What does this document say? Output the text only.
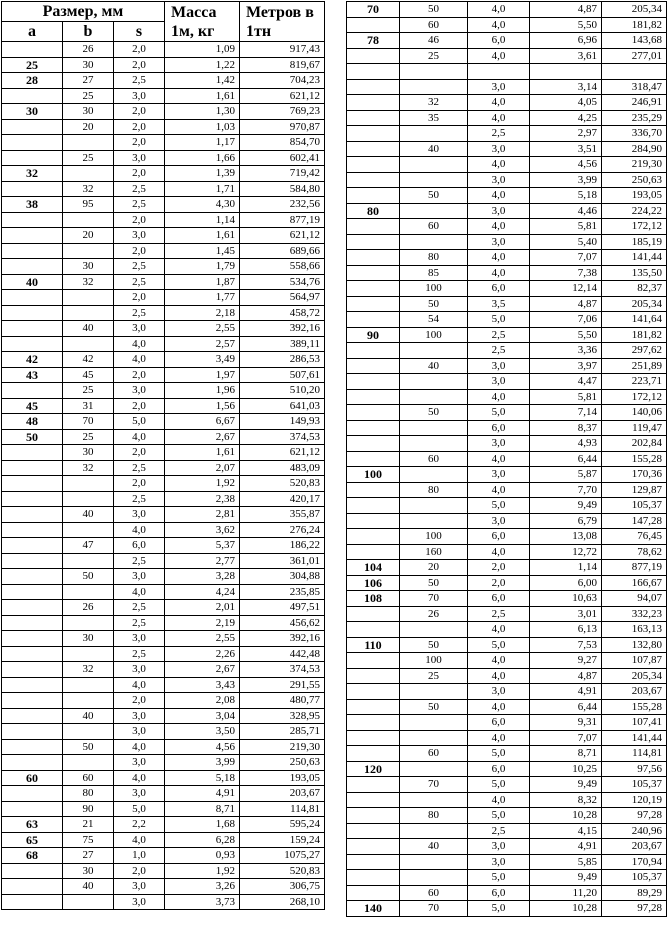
Размер, мм			Масса 1м, кг	Метров в 1тн
a	b	s		
	26	2,0	1,09	917,43
25	30	2,0	1,22	819,67
28	27	2,5	1,42	704,23
	25	3,0	1,61	621,12
30	30	2,0	1,30	769,23
	20	2,0	1,03	970,87
		2,0	1,17	854,70
	25	3,0	1,66	602,41
32		2,0	1,39	719,42
	32	2,5	1,71	584,80
38	95	2,5	4,30	232,56
		2,0	1,14	877,19
	20	3,0	1,61	621,12
		2,0	1,45	689,66
	30	2,5	1,79	558,66
40	32	2,5	1,87	534,76
		2,0	1,77	564,97
		2,5	2,18	458,72
	40	3,0	2,55	392,16
		4,0	2,57	389,11
42	42	4,0	3,49	286,53
43	45	2,0	1,97	507,61
	25	3,0	1,96	510,20
45	31	2,0	1,56	641,03
48	70	5,0	6,67	149,93
50	25	4,0	2,67	374,53
	30	2,0	1,61	621,12
	32	2,5	2,07	483,09
		2,0	1,92	520,83
		2,5	2,38	420,17
	40	3,0	2,81	355,87
		4,0	3,62	276,24
	47	6,0	5,37	186,22
		2,5	2,77	361,01
	50	3,0	3,28	304,88
		4,0	4,24	235,85
	26	2,5	2,01	497,51
		2,5	2,19	456,62
	30	3,0	2,55	392,16
		2,5	2,26	442,48
	32	3,0	2,67	374,53
		4,0	3,43	291,55
		2,0	2,08	480,77
	40	3,0	3,04	328,95
		3,0	3,50	285,71
	50	4,0	4,56	219,30
		3,0	3,99	250,63
60	60	4,0	5,18	193,05
	80	3,0	4,91	203,67
	90	5,0	8,71	114,81
63	21	2,2	1,68	595,24
65	75	4,0	6,28	159,24
68	27	1,0	0,93	1075,27
	30	2,0	1,92	520,83
	40	3,0	3,26	306,75
		3,0	3,73	268,10
70	50	4,0	4,87	205,34
	60	4,0	5,50	181,82
78	46	6,0	6,96	143,68
	25	4,0	3,61	277,01

		3,0	3,14	318,47
	32	4,0	4,05	246,91
	35	4,0	4,25	235,29
		2,5	2,97	336,70
	40	3,0	3,51	284,90
		4,0	4,56	219,30
		3,0	3,99	250,63
	50	4,0	5,18	193,05
80		3,0	4,46	224,22
	60	4,0	5,81	172,12
		3,0	5,40	185,19
	80	4,0	7,07	141,44
	85	4,0	7,38	135,50
	100	6,0	12,14	82,37
	50	3,5	4,87	205,34
	54	5,0	7,06	141,64
90	100	2,5	5,50	181,82
		2,5	3,36	297,62
	40	3,0	3,97	251,89
		3,0	4,47	223,71
		4,0	5,81	172,12
	50	5,0	7,14	140,06
		6,0	8,37	119,47
		3,0	4,93	202,84
	60	4,0	6,44	155,28
100		3,0	5,87	170,36
	80	4,0	7,70	129,87
		5,0	9,49	105,37
		3,0	6,79	147,28
	100	6,0	13,08	76,45
	160	4,0	12,72	78,62
104	20	2,0	1,14	877,19
106	50	2,0	6,00	166,67
108	70	6,0	10,63	94,07
	26	2,5	3,01	332,23
		4,0	6,13	163,13
110	50	5,0	7,53	132,80
	100	4,0	9,27	107,87
	25	4,0	4,87	205,34
		3,0	4,91	203,67
	50	4,0	6,44	155,28
		6,0	9,31	107,41
		4,0	7,07	141,44
	60	5,0	8,71	114,81
120		6,0	10,25	97,56
	70	5,0	9,49	105,37
		4,0	8,32	120,19
	80	5,0	10,28	97,28
		2,5	4,15	240,96
	40	3,0	4,91	203,67
		3,0	5,85	170,94
		5,0	9,49	105,37
	60	6,0	11,20	89,29
140	70	5,0	10,28	97,28
